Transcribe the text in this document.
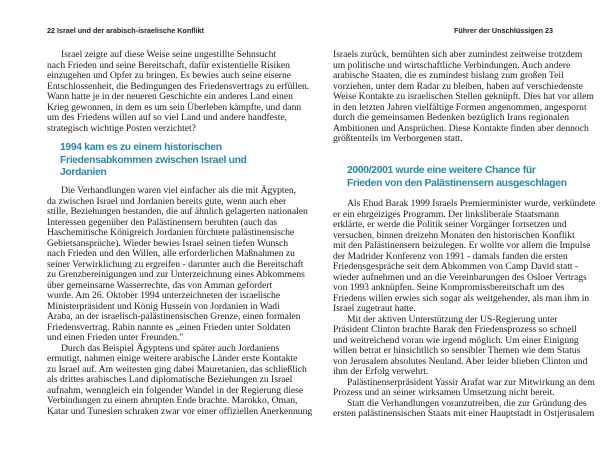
22 Israel und der arabisch-israelische Konflikt
Israel zeigte auf diese Weise seine ungestillte Sehnsucht
nach Frieden und seine Bereitschaft, dafür existentielle Risiken
einzugehen und Opfer zu bringen. Es bewies auch seine eiserne
Entschlossenheit, die Bedingungen des Friedensvertrags zu erfüllen.
Wann hatte je in der neueren Geschichte ein anderes Land einen
Krieg gewonnen, in dem es um sein Überleben kämpfte, und dann
um des Friedens willen auf so viel Land und andere handfeste,
strategisch wichtige Posten verzichtet?
1994 kam es zu einem historischen
Friedensabkommen zwischen Israel und
Jordanien
Die Verhandlungen waren viel einfacher als die mit Ägypten,
da zwischen Israel und Jordanien bereits gute, wenn auch eher
stille, Beziehungen bestanden, die auf ähnlich gelagerten nationalen
Interessen gegenüber den Palästinensern beruhten (auch das
Haschemitische Königreich Jordanien fürchtete palästinensische
Gebietsansprüche). Wieder bewies Israel seinen tiefen Wunsch
nach Frieden und den Willen, alle erforderlichen Maßnahmen zu
seiner Verwirklichung zu ergreifen - darunter auch die Bereitschaft
zu Grenzbereinigungen und zur Unterzeichnung eines Abkommens
über gemeinsame Wasserrechte, das von Amman gefordert
wurde. Am 26. Oktober 1994 unterzeichneten der israelische
Ministerpräsident und König Hussein von Jordanien in Wadi
Araba, an der israelisch-palästinensischen Grenze, einen formalen
Friedensvertrag. Rabin nannte es „einen Frieden unter Soldaten
und einen Frieden unter Freunden."
Durch das Beispiel Ägyptens und später auch Jordaniens
ermutigt, nahmen einige weitere arabische Länder erste Kontakte
zu Israel auf. Am weitesten ging dabei Mauretanien, das schließlich
als drittes arabisches Land diplomatische Beziehungen zu Israel
aufnahm, wenngleich ein folgender Wandel in der Regierung diese
Verbindungen zu einem abrupten Ende brachte. Marokko, Oman,
Katar und Tunesien schraken zwar vor einer offiziellen Anerkennung
Führer der Unschlüssigen 23
Israels zurück, bemühten sich aber zumindest zeitweise trotzdem
um politische und wirtschaftliche Verbindungen. Auch andere
arabische Staaten, die es zumindest bislang zum großen Teil
vorziehen, unter dem Radar zu bleiben, haben auf verschiedenste
Weise Kontakte zu israelischen Stellen geknüpft. Dies hat vor allem
in den letzten Jahren vielfältige Formen angenommen, angespornt
durch die gemeinsamen Bedenken bezüglich Irans regionalen
Ambitionen und Ansprüchen. Diese Kontakte finden aber dennoch
größtenteils im Verborgenen statt.
2000/2001 wurde eine weitere Chance für
Frieden von den Palästinensern ausgeschlagen
Als Ehud Barak 1999 Israels Premierminister wurde, verkündete
er ein ehrgeiziges Programm. Der linksliberale Staatsmann
erklärte, er werde die Politik seiner Vorgänger fortsetzen und
versuchen, binnen dreizehn Monaten den historischen Konflikt
mit den Palästinensern beizulegen. Er wollte vor allem die Impulse
der Madrider Konferenz von 1991 - damals fanden die ersten
Friedensgespräche seit dem Abkommen von Camp David statt -
wieder aufnehmen und an die Vereinbarungen des Osloer Vertrags
von 1993 anknüpfen. Seine Kompromissbereitschaft um des
Friedens willen erwies sich sogar als weitgehender, als man ihm in
Israel zugetraut hatte.
Mit der aktiven Unterstützung der US-Regierung unter
Präsident Clinton brachte Barak den Friedensprozess so schnell
und weitreichend voran wie irgend möglich. Um einer Einigung
willen betrat er hinsichtlich so sensibler Themen wie dem Status
von Jerusalem absolutes Neuland. Aber leider blieben Clinton und
ihm der Erfolg verwehrt.
Palästinenserpräsident Yassir Arafat war zur Mitwirkung an dem
Prozess und an seiner wirksamen Umsetzung nicht bereit.
Statt die Verhandlungen voranzutreiben, die zur Gründung des
ersten palästinensischen Staats mit einer Hauptstadt in Ostjerusalem
